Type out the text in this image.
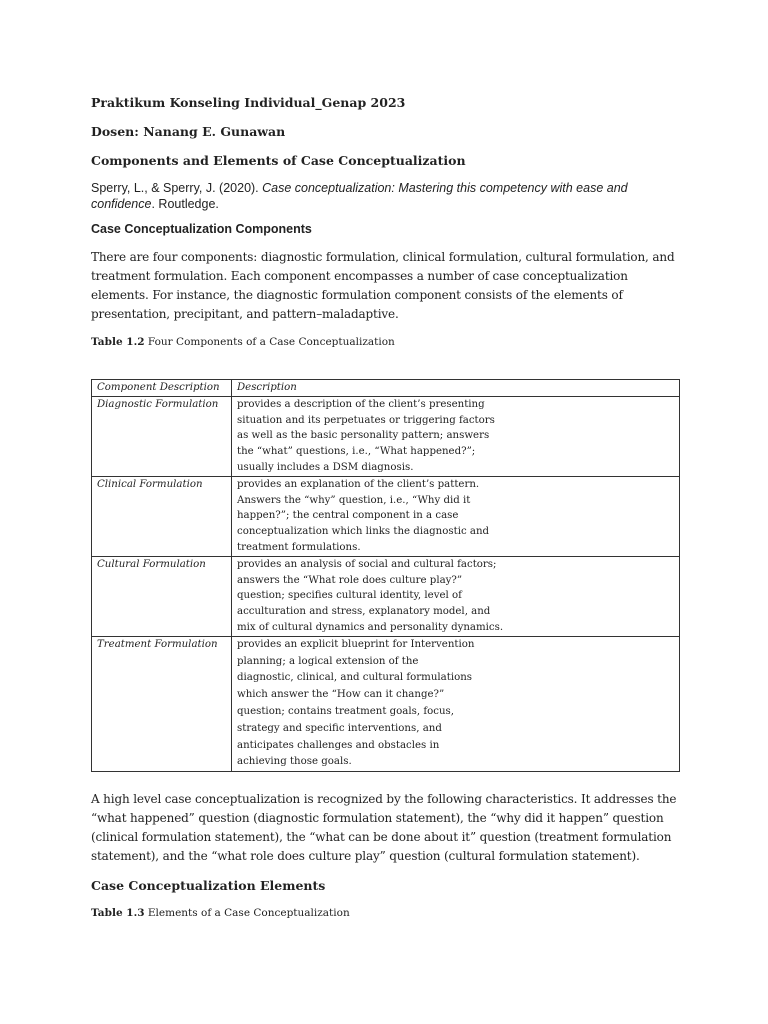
Praktikum Konseling Individual_Genap 2023

Dosen: Nanang E. Gunawan

Components and Elements of Case Conceptualization

Sperry, L., & Sperry, J. (2020). Case conceptualization: Mastering this competency with ease and confidence. Routledge.

Case Conceptualization Components

There are four components: diagnostic formulation, clinical formulation, cultural formulation, and treatment formulation. Each component encompasses a number of case conceptualization elements. For instance, the diagnostic formulation component consists of the elements of presentation, precipitant, and pattern–maladaptive.

Table 1.2 Four Components of a Case Conceptualization

Component Description	Description
Diagnostic Formulation	provides a description of the client’s presenting situation and its perpetuates or triggering factors as well as the basic personality pattern; answers the “what” questions, i.e., “What happened?”; usually includes a DSM diagnosis.

Clinical Formulation	provides an explanation of the client’s pattern. Answers the “why” question, i.e., “Why did it happen?”; the central component in a case conceptualization which links the diagnostic and treatment formulations.

Cultural Formulation	provides an analysis of social and cultural factors; answers the “What role does culture play?” question; specifies cultural identity, level of acculturation and stress, explanatory model, and mix of cultural dynamics and personality dynamics.

Treatment Formulation	provides an explicit blueprint for Intervention planning; a logical extension of the diagnostic, clinical, and cultural formulations which answer the “How can it change?” question; contains treatment goals, focus, strategy and specific interventions, and anticipates challenges and obstacles in achieving those goals.

A high level case conceptualization is recognized by the following characteristics. It addresses the “what happened” question (diagnostic formulation statement), the “why did it happen” question (clinical formulation statement), the “what can be done about it” question (treatment formulation statement), and the “what role does culture play” question (cultural formulation statement).

Case Conceptualization Elements

Table 1.3 Elements of a Case Conceptualization
